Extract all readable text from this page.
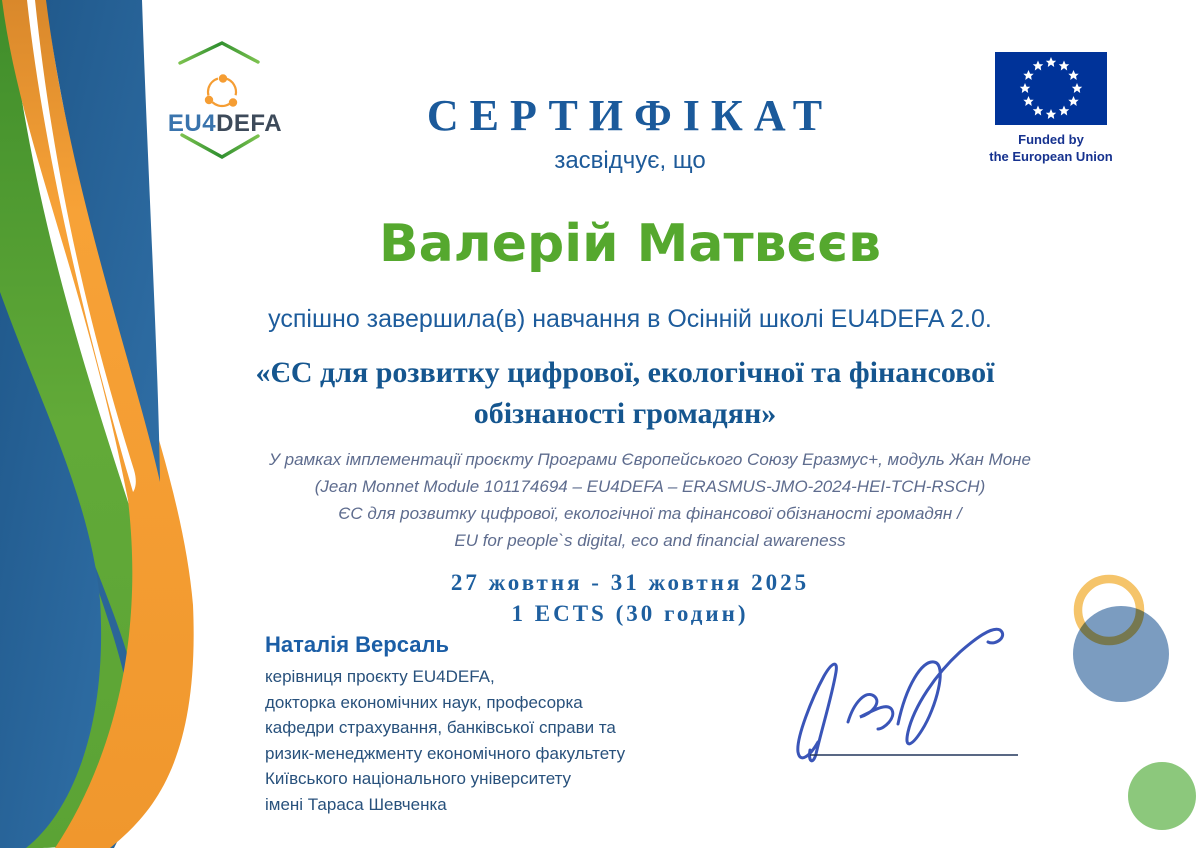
EU4DEFA	СЕРТИФІКАТ
засвідчує, що
Валерій Матвєєв
успішно завершила(в) навчання в Осінній школі EU4DEFA 2.0.
«ЄС для розвитку цифрової, екологічної та фінансової обізнаності громадян»
У рамках імплементації проєкту Програми Європейського Союзу Еразмус+, модуль Жан Моне
(Jean Monnet Module 101174694 – EU4DEFA – ERASMUS-JMO-2024-HEI-TCH-RSCH)
ЄС для розвитку цифрової, екологічної та фінансової обізнаності громадян /
EU for people`s digital, eco and financial awareness
27 жовтня - 31 жовтня 2025
1 ECTS (30 годин)
Наталія Версаль
керівниця проєкту EU4DEFA,
докторка економічних наук, професорка
кафедри страхування, банківської справи та
ризик-менеджменту економічного факультету
Київського національного університету
імені Тараса Шевченка
Funded by
the European Union
